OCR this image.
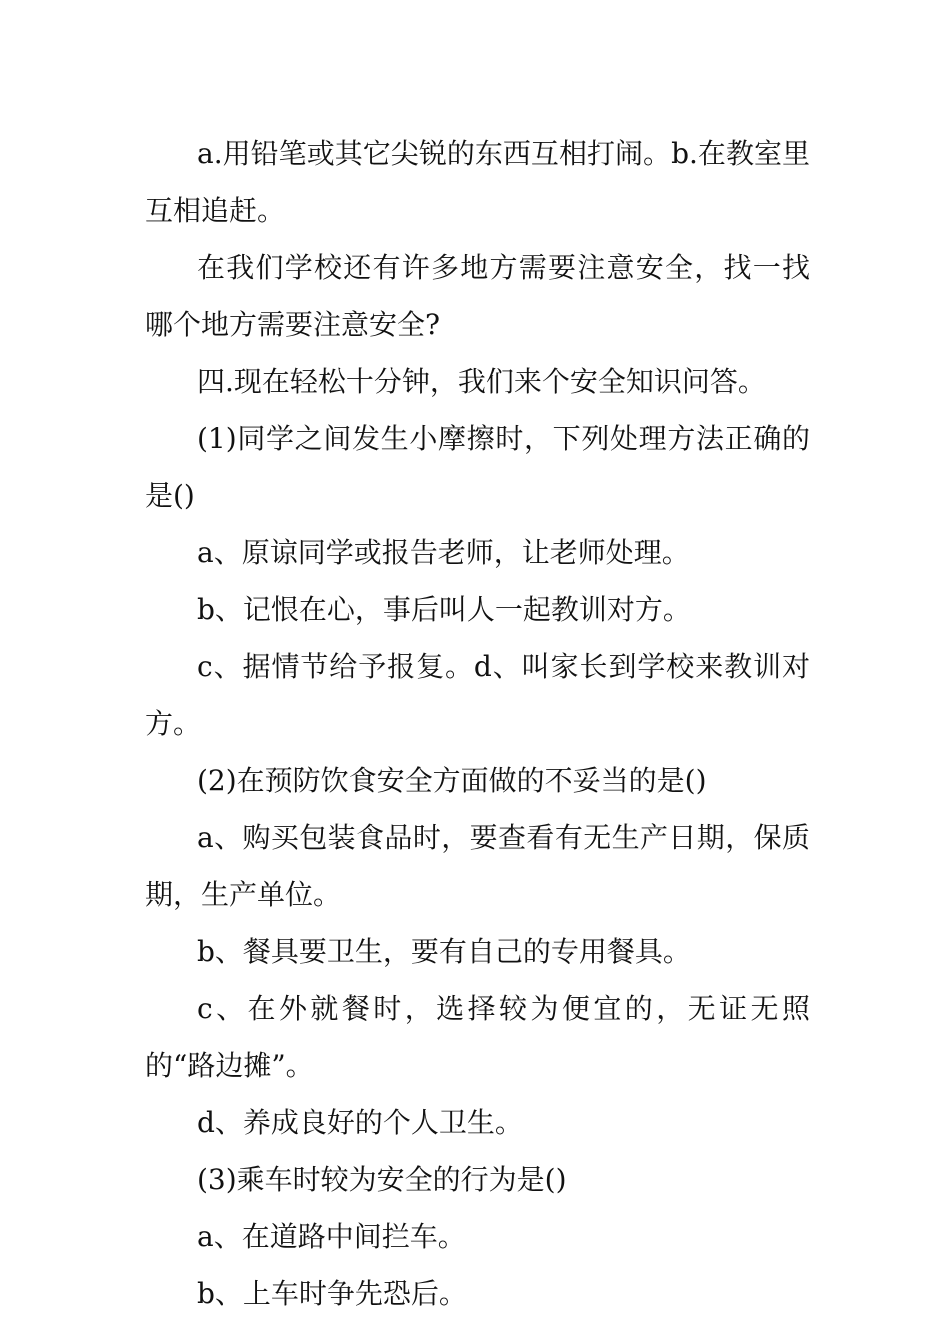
a.用铅笔或其它尖锐的东西互相打闹。b.在教室里互相追赶。

在我们学校还有许多地方需要注意安全，找一找哪个地方需要注意安全?

四.现在轻松十分钟，我们来个安全知识问答。

(1)同学之间发生小摩擦时，下列处理方法正确的是()

a、原谅同学或报告老师，让老师处理。

b、记恨在心，事后叫人一起教训对方。

c、据情节给予报复。d、叫家长到学校来教训对方。

(2)在预防饮食安全方面做的不妥当的是()

a、购买包装食品时，要查看有无生产日期，保质期，生产单位。

b、餐具要卫生，要有自己的专用餐具。

c、在外就餐时，选择较为便宜的，无证无照的“路边摊”。

d、养成良好的个人卫生。

(3)乘车时较为安全的行为是()

a、在道路中间拦车。

b、上车时争先恐后。
